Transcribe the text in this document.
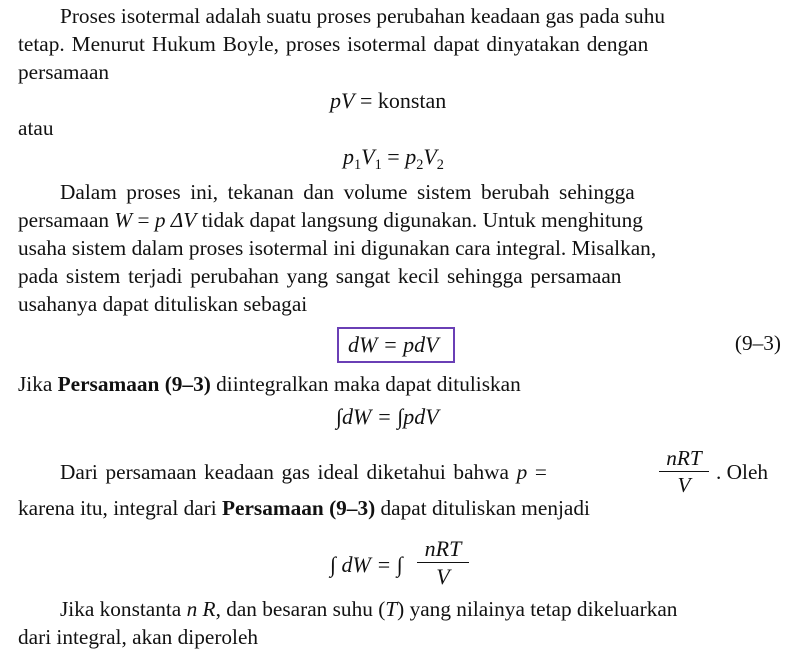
Proses isotermal adalah suatu proses perubahan keadaan gas pada suhu
tetap. Menurut Hukum Boyle, proses isotermal dapat dinyatakan dengan
persamaan
pV = konstan
atau
$p_1V_1 = p_2V_2$
Dalam proses ini, tekanan dan volume sistem berubah sehingga
persamaan W = p ΔV tidak dapat langsung digunakan. Untuk menghitung
usaha sistem dalam proses isotermal ini digunakan cara integral. Misalkan,
pada sistem terjadi perubahan yang sangat kecil sehingga persamaan
usahanya dapat dituliskan sebagai
dW = pdV	(9–3)
Jika Persamaan (9–3) diintegralkan maka dapat dituliskan
∫dW = ∫pdV
Dari persamaan keadaan gas ideal diketahui bahwa p =
nRT
V
. Oleh
karena itu, integral dari Persamaan (9–3) dapat dituliskan menjadi
∫ dW = ∫
nRT
V
Jika konstanta n R, dan besaran suhu (T) yang nilainya tetap dikeluarkan
dari integral, akan diperoleh
